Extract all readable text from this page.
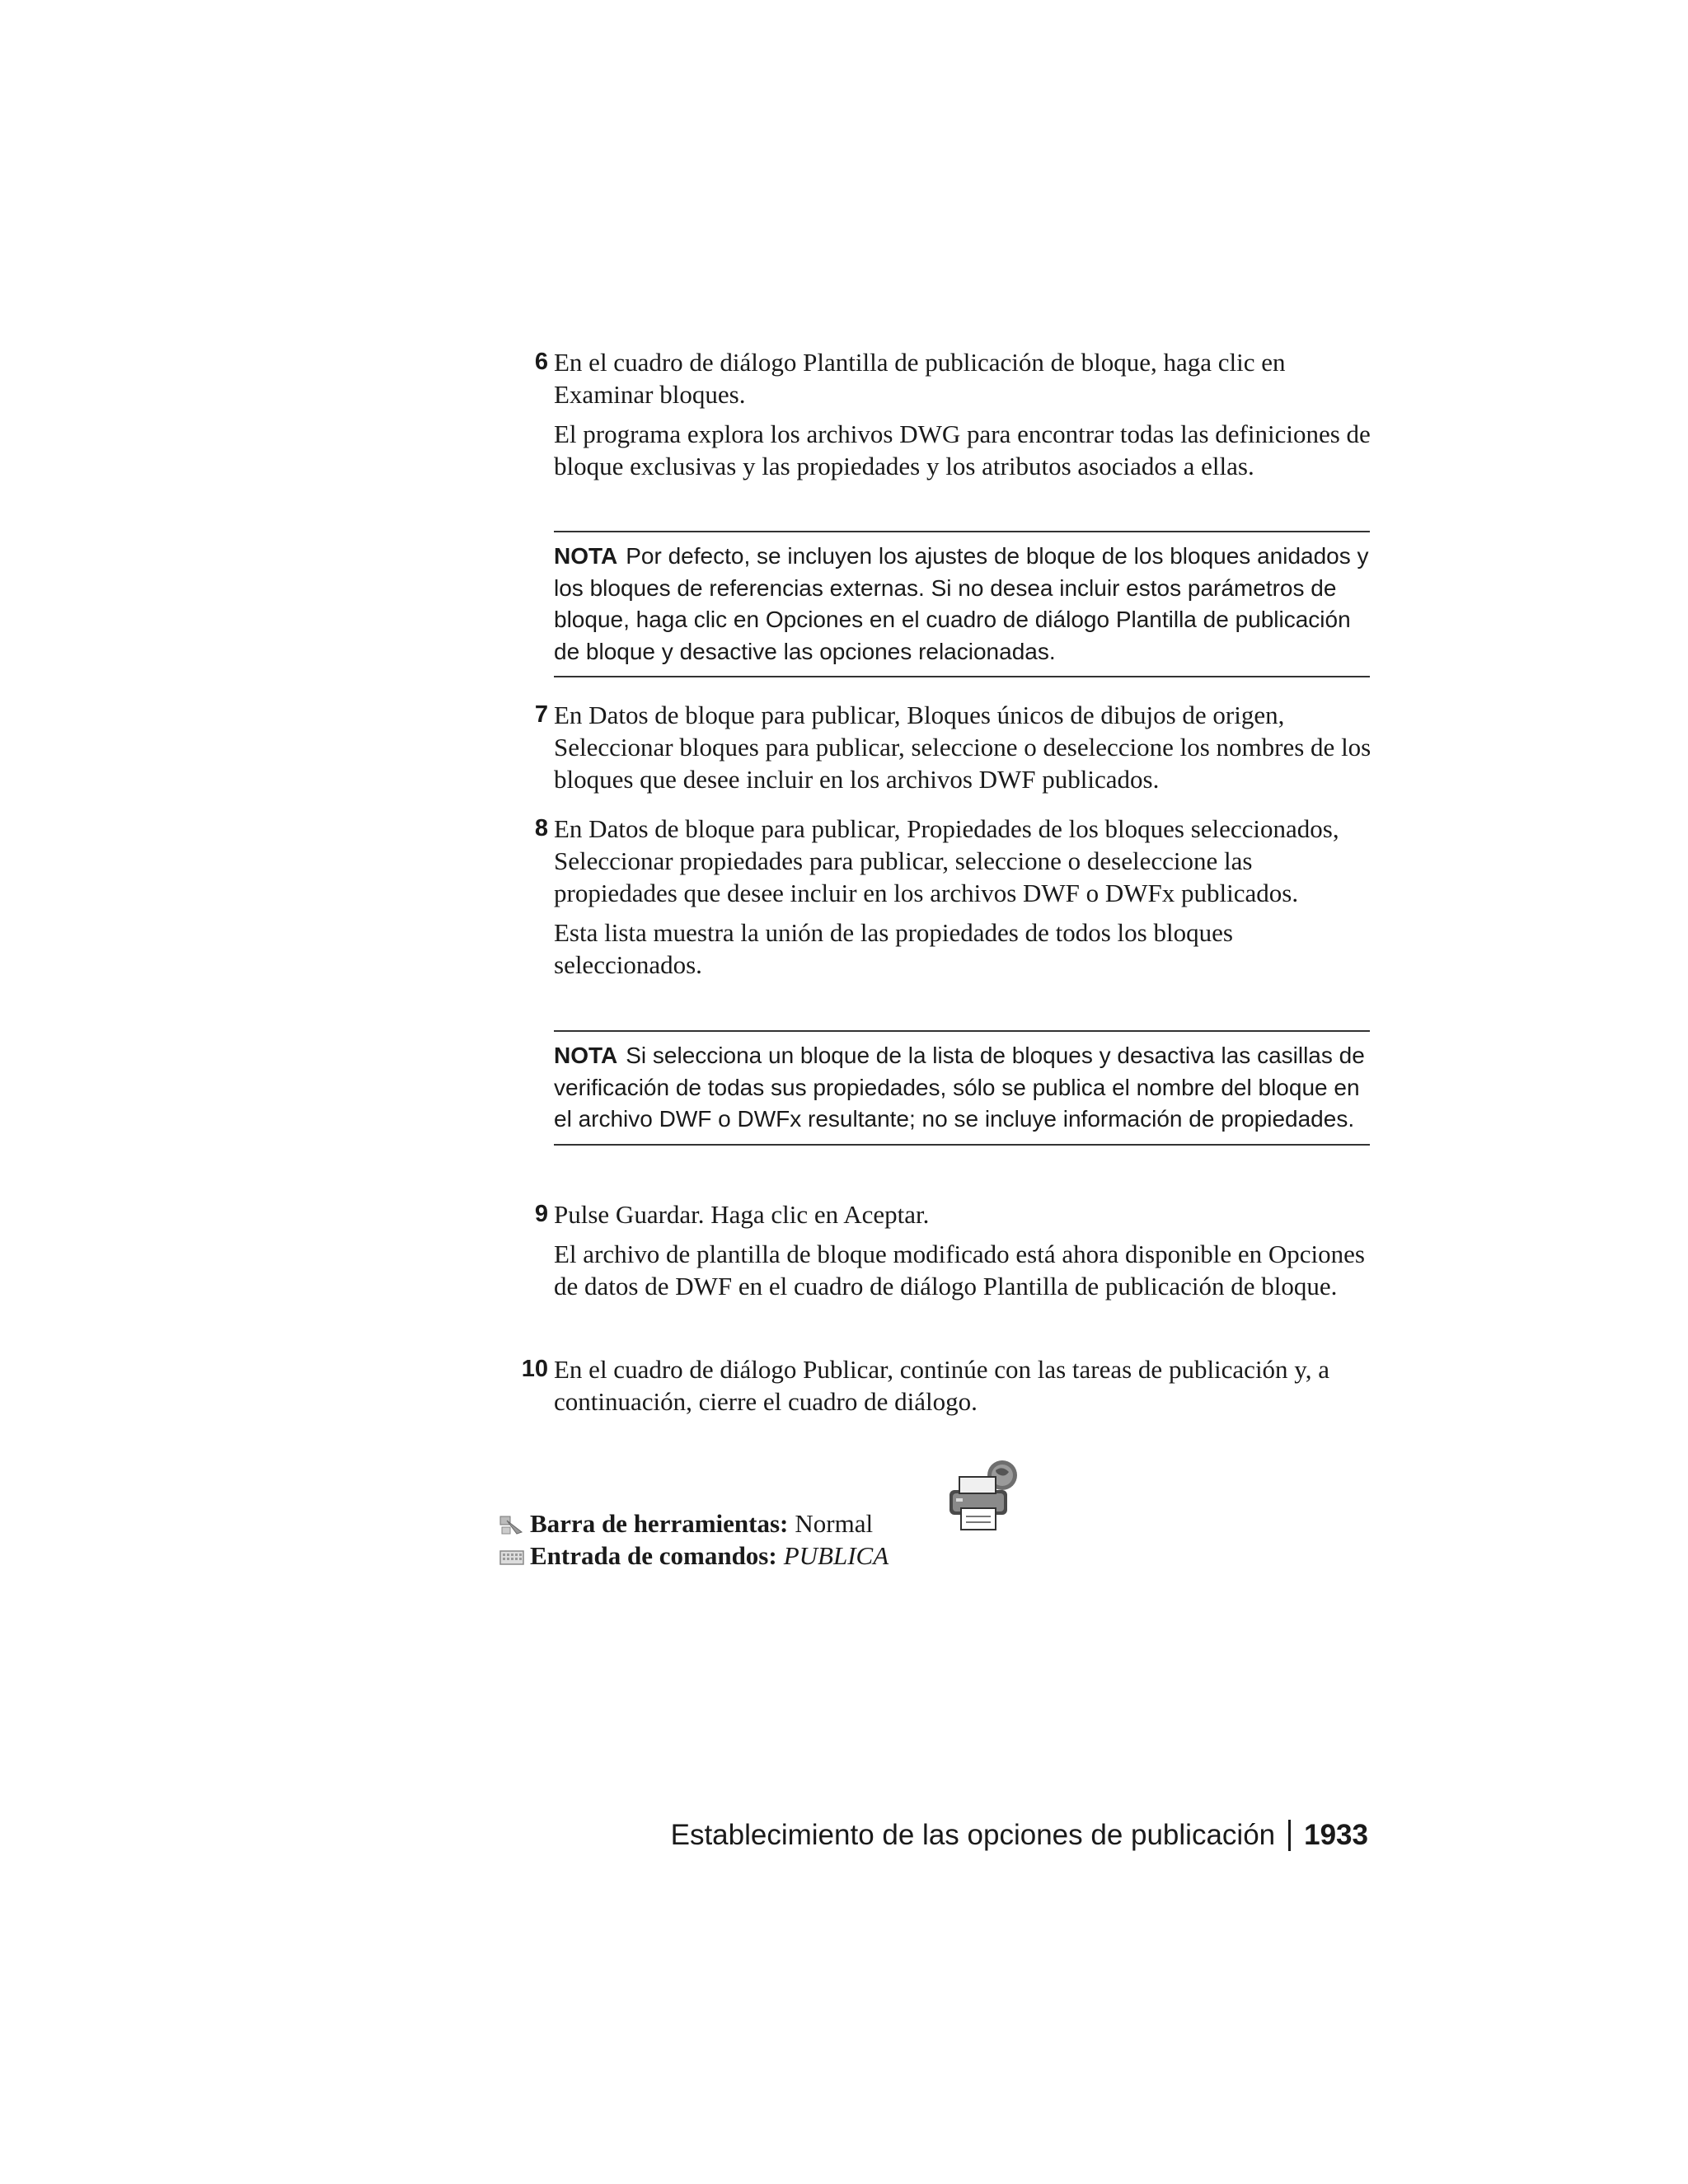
6 En el cuadro de diálogo Plantilla de publicación de bloque, haga clic en Examinar bloques.

El programa explora los archivos DWG para encontrar todas las definiciones de bloque exclusivas y las propiedades y los atributos asociados a ellas.

NOTA Por defecto, se incluyen los ajustes de bloque de los bloques anidados y los bloques de referencias externas. Si no desea incluir estos parámetros de bloque, haga clic en Opciones en el cuadro de diálogo Plantilla de publicación de bloque y desactive las opciones relacionadas.
7 En Datos de bloque para publicar, Bloques únicos de dibujos de origen, Seleccionar bloques para publicar, seleccione o deseleccione los nombres de los bloques que desee incluir en los archivos DWF publicados.

8 En Datos de bloque para publicar, Propiedades de los bloques seleccionados, Seleccionar propiedades para publicar, seleccione o deseleccione las propiedades que desee incluir en los archivos DWF o DWFx publicados.

Esta lista muestra la unión de las propiedades de todos los bloques seleccionados.

NOTA Si selecciona un bloque de la lista de bloques y desactiva las casillas de verificación de todas sus propiedades, sólo se publica el nombre del bloque en el archivo DWF o DWFx resultante; no se incluye información de propiedades.
9 Pulse Guardar. Haga clic en Aceptar.

El archivo de plantilla de bloque modificado está ahora disponible en Opciones de datos de DWF en el cuadro de diálogo Plantilla de publicación de bloque.

10 En el cuadro de diálogo Publicar, continúe con las tareas de publicación y, a continuación, cierre el cuadro de diálogo.

Barra de herramientas: Normal
Entrada de comandos: PUBLICA
Establecimiento de las opciones de publicación 1933
